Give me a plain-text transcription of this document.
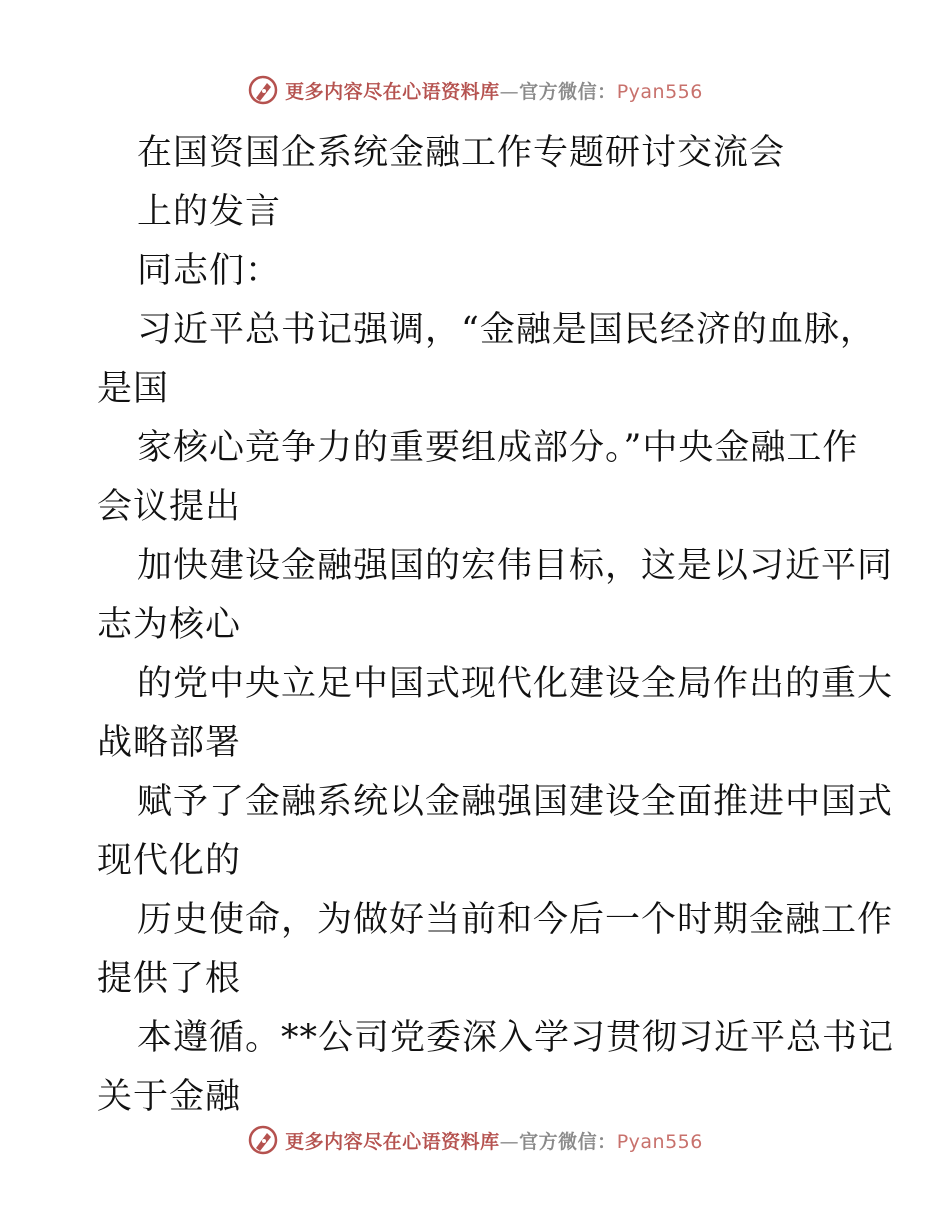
更多内容尽在心语资料库—官方微信：Pyan556
在国资国企系统金融工作专题研讨交流会
上的发言
同志们：
习近平总书记强调，“金融是国民经济的血脉，
是国
家核心竞争力的重要组成部分。”中央金融工作
会议提出
加快建设金融强国的宏伟目标，这是以习近平同
志为核心
的党中央立足中国式现代化建设全局作出的重大
战略部署
赋予了金融系统以金融强国建设全面推进中国式
现代化的
历史使命，为做好当前和今后一个时期金融工作
提供了根
本遵循。**公司党委深入学习贯彻习近平总书记
关于金融
更多内容尽在心语资料库—官方微信：Pyan556
